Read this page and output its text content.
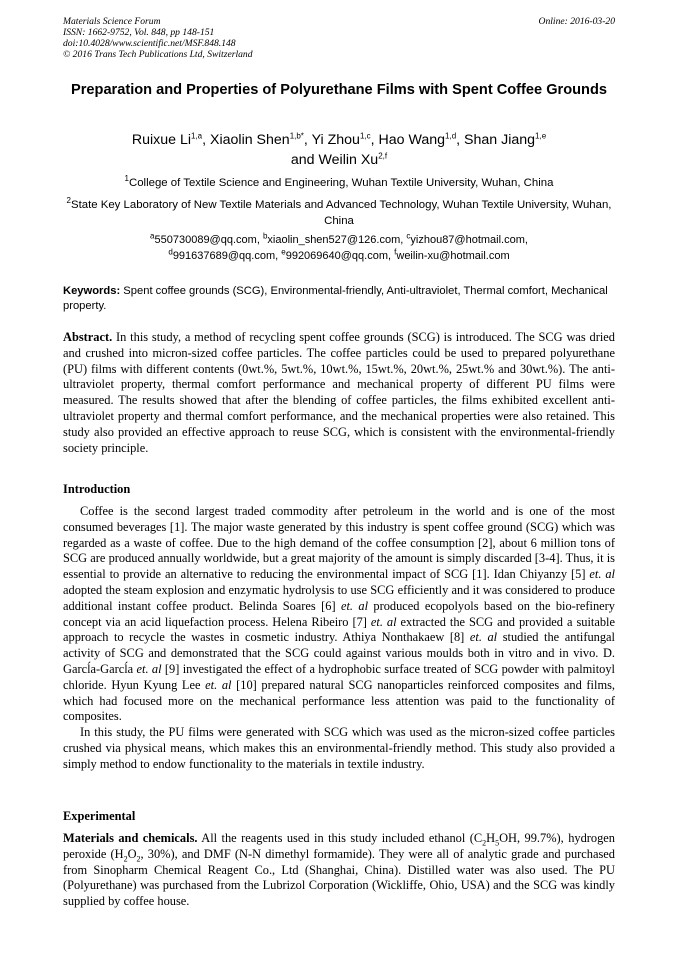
Materials Science Forum
ISSN: 1662-9752, Vol. 848, pp 148-151
doi:10.4028/www.scientific.net/MSF.848.148
© 2016 Trans Tech Publications Ltd, Switzerland
Online: 2016-03-20
Preparation and Properties of Polyurethane Films with Spent Coffee Grounds
Ruixue Li$^{1,a}$, Xiaolin Shen$^{1,b*}$, Yi Zhou$^{1,c}$, Hao Wang$^{1,d}$, Shan Jiang$^{1,e}$
and Weilin Xu$^{2,f}$
$^1$College of Textile Science and Engineering, Wuhan Textile University, Wuhan, China
$^2$State Key Laboratory of New Textile Materials and Advanced Technology, Wuhan Textile University, Wuhan, China
$^a$550730089@qq.com, $^b$xiaolin_shen527@126.com, $^c$yizhou87@hotmail.com,
$^d$991637689@qq.com, $^e$992069640@qq.com, $^f$weilin-xu@hotmail.com
Keywords: Spent coffee grounds (SCG), Environmental-friendly, Anti-ultraviolet, Thermal comfort, Mechanical property.

Abstract. In this study, a method of recycling spent coffee grounds (SCG) is introduced. The SCG was dried and crushed into micron-sized coffee particles. The coffee particles could be used to prepared polyurethane (PU) films with different contents (0wt.%, 5wt.%, 10wt.%, 15wt.%, 20wt.%, 25wt.% and 30wt.%). The anti-ultraviolet property, thermal comfort performance and mechanical property of different PU films were measured. The results showed that after the blending of coffee particles, the films exhibited excellent anti-ultraviolet property and thermal comfort performance, and the mechanical properties were also retained. This study also provided an effective approach to reuse SCG, which is consistent with the environmental-friendly society principle.

Introduction

Coffee is the second largest traded commodity after petroleum in the world and is one of the most consumed beverages [1]. The major waste generated by this industry is spent coffee ground (SCG) which was regarded as a waste of coffee. Due to the high demand of the coffee consumption [2], about 6 million tons of SCG are produced annually worldwide, but a great majority of the amount is simply discarded [3-4]. Thus, it is essential to provide an alternative to reducing the environmental impact of SCG [1]. Idan Chiyanzy [5] et. al adopted the steam explosion and enzymatic hydrolysis to use SCG efficiently and it was considered to produce additional instant coffee product. Belinda Soares [6] et. al produced ecopolyols based on the bio-refinery concept via an acid liquefaction process. Helena Ribeiro [7] et. al extracted the SCG and provided a suitable approach to recycle the wastes in cosmetic industry. Athiya Nonthakaew [8] et. al studied the antifungal activity of SCG and demonstrated that the SCG could against various moulds both in vitro and in vivo. D. Garcĺa-Garcĺa et. al [9] investigated the effect of a hydrophobic surface treated of SCG powder with palmitoyl chloride. Hyun Kyung Lee et. al [10] prepared natural SCG nanoparticles reinforced composites and films, which had focused more on the mechanical performance less attention was paid to the functionality of composites.

In this study, the PU films were generated with SCG which was used as the micron-sized coffee particles crushed via physical means, which makes this an environmental-friendly method. This study also provided a simply method to endow functionality to the materials in textile industry.

Experimental

Materials and chemicals. All the reagents used in this study included ethanol ($C_2H_5OH$, 99.7%), hydrogen peroxide ($H_2O_2$, 30%), and DMF (N-N dimethyl formamide). They were all of analytic grade and purchased from Sinopharm Chemical Reagent Co., Ltd (Shanghai, China). Distilled water was also used. The PU (Polyurethane) was purchased from the Lubrizol Corporation (Wickliffe, Ohio, USA) and the SCG was kindly supplied by coffee house.
